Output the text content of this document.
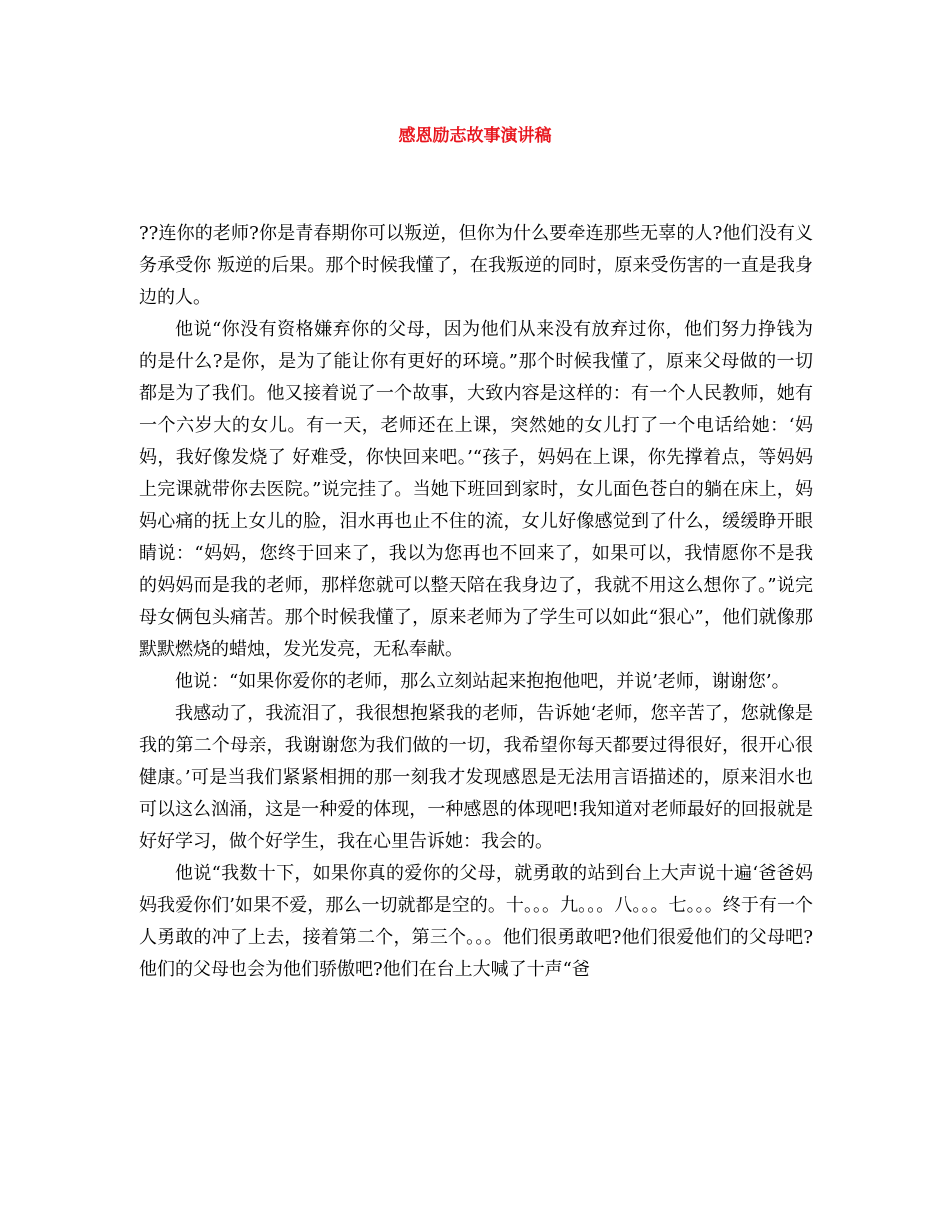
感恩励志故事演讲稿

??连你的老师?你是青春期你可以叛逆，但你为什么要牵连那些无辜的人?他们没有义务承受你 叛逆的后果。那个时候我懂了，在我叛逆的同时，原来受伤害的一直是我身边的人。

他说“你没有资格嫌弃你的父母，因为他们从来没有放弃过你，他们努力挣钱为的是什么?是你，是为了能让你有更好的环境。”那个时候我懂了，原来父母做的一切都是为了我们。他又接着说了一个故事，大致内容是这样的：有一个人民教师，她有一个六岁大的女儿。有一天，老师还在上课，突然她的女儿打了一个电话给她：‘妈妈，我好像发烧了 好难受，你快回来吧。’“孩子，妈妈在上课，你先撑着点，等妈妈上完课就带你去医院。”说完挂了。当她下班回到家时，女儿面色苍白的躺在床上，妈妈心痛的抚上女儿的脸，泪水再也止不住的流，女儿好像感觉到了什么，缓缓睁开眼睛说：“妈妈，您终于回来了，我以为您再也不回来了，如果可以，我情愿你不是我的妈妈而是我的老师，那样您就可以整天陪在我身边了，我就不用这么想你了。”说完母女俩包头痛苦。那个时候我懂了，原来老师为了学生可以如此“狠心”，他们就像那默默燃烧的蜡烛，发光发亮，无私奉献。

他说：“如果你爱你的老师，那么立刻站起来抱抱他吧，并说’老师，谢谢您’。

我感动了，我流泪了，我很想抱紧我的老师，告诉她‘老师，您辛苦了，您就像是我的第二个母亲，我谢谢您为我们做的一切，我希望你每天都要过得很好，很开心很健康。’可是当我们紧紧相拥的那一刻我才发现感恩是无法用言语描述的，原来泪水也可以这么汹涌，这是一种爱的体现，一种感恩的体现吧!我知道对老师最好的回报就是好好学习，做个好学生，我在心里告诉她：我会的。

他说“我数十下，如果你真的爱你的父母，就勇敢的站到台上大声说十遍‘爸爸妈妈我爱你们’如果不爱，那么一切就都是空的。十。。。九。。。八。。。七。。。终于有一个人勇敢的冲了上去，接着第二个，第三个。。。他们很勇敢吧?他们很爱他们的父母吧?他们的父母也会为他们骄傲吧?他们在台上大喊了十声“爸
